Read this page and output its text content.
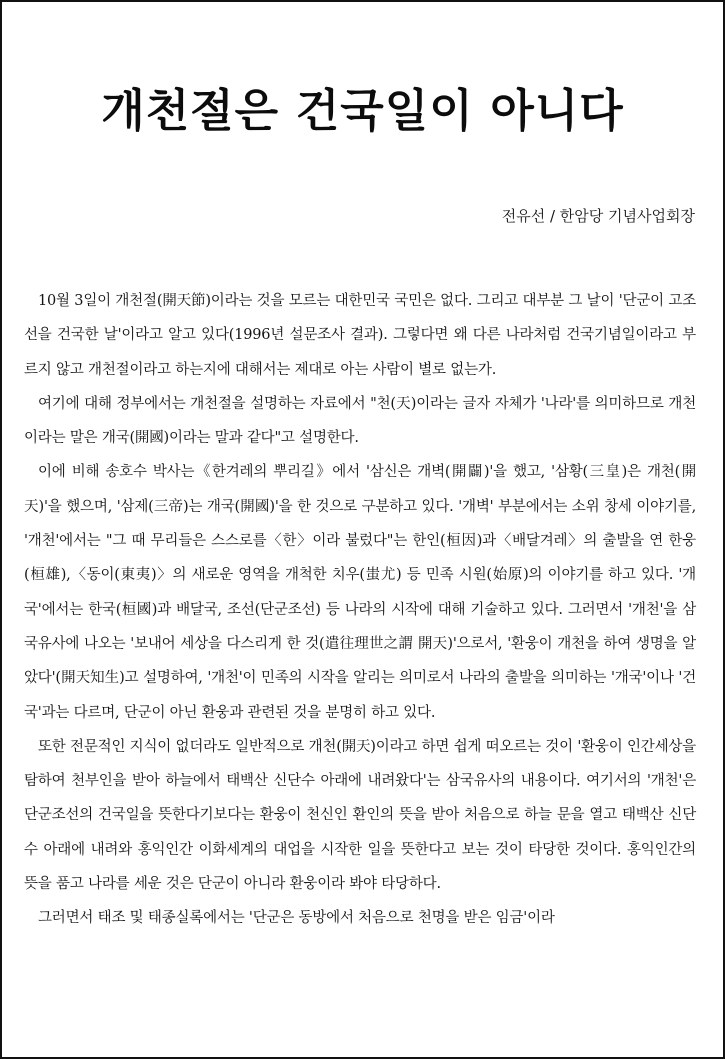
개천절은 건국일이 아니다
전유선 / 한암당 기념사업회장

10월 3일이 개천절(開天節)이라는 것을 모르는 대한민국 국민은 없다. 그리고 대부분 그 날이 '단군이 고조선을 건국한 날'이라고 알고 있다(1996년 설문조사 결과). 그렇다면 왜 다른 나라처럼 건국기념일이라고 부르지 않고 개천절이라고 하는지에 대해서는 제대로 아는 사람이 별로 없는가.

여기에 대해 정부에서는 개천절을 설명하는 자료에서 "천(天)이라는 글자 자체가 '나라'를 의미하므로 개천이라는 말은 개국(開國)이라는 말과 같다"고 설명한다.

이에 비해 송호수 박사는《한겨레의 뿌리길》에서 '삼신은 개벽(開闢)'을 했고, '삼황(三皇)은 개천(開天)'을 했으며, '삼제(三帝)는 개국(開國)'을 한 것으로 구분하고 있다. '개벽' 부분에서는 소위 창세 이야기를, '개천'에서는 "그 때 무리들은 스스로를〈한〉이라 불렀다"는 한인(桓因)과〈배달겨레〉의 출발을 연 한웅(桓雄),〈동이(東夷)〉의 새로운 영역을 개척한 치우(蚩尤) 등 민족 시원(始原)의 이야기를 하고 있다. '개국'에서는 한국(桓國)과 배달국, 조선(단군조선) 등 나라의 시작에 대해 기술하고 있다. 그러면서 '개천'을 삼국유사에 나오는 '보내어 세상을 다스리게 한 것(遣往理世之謂 開天)'으로서, '환웅이 개천을 하여 생명을 알았다'(開天知生)고 설명하여, '개천'이 민족의 시작을 알리는 의미로서 나라의 출발을 의미하는 '개국'이나 '건국'과는 다르며, 단군이 아닌 환웅과 관련된 것을 분명히 하고 있다.

또한 전문적인 지식이 없더라도 일반적으로 개천(開天)이라고 하면 쉽게 떠오르는 것이 '환웅이 인간세상을 탐하여 천부인을 받아 하늘에서 태백산 신단수 아래에 내려왔다'는 삼국유사의 내용이다. 여기서의 '개천'은 단군조선의 건국일을 뜻한다기보다는 환웅이 천신인 환인의 뜻을 받아 처음으로 하늘 문을 열고 태백산 신단수 아래에 내려와 홍익인간 이화세계의 대업을 시작한 일을 뜻한다고 보는 것이 타당한 것이다. 홍익인간의 뜻을 품고 나라를 세운 것은 단군이 아니라 환웅이라 봐야 타당하다.

그러면서 태조 및 태종실록에서는 '단군은 동방에서 처음으로 천명을 받은 임금'이라
